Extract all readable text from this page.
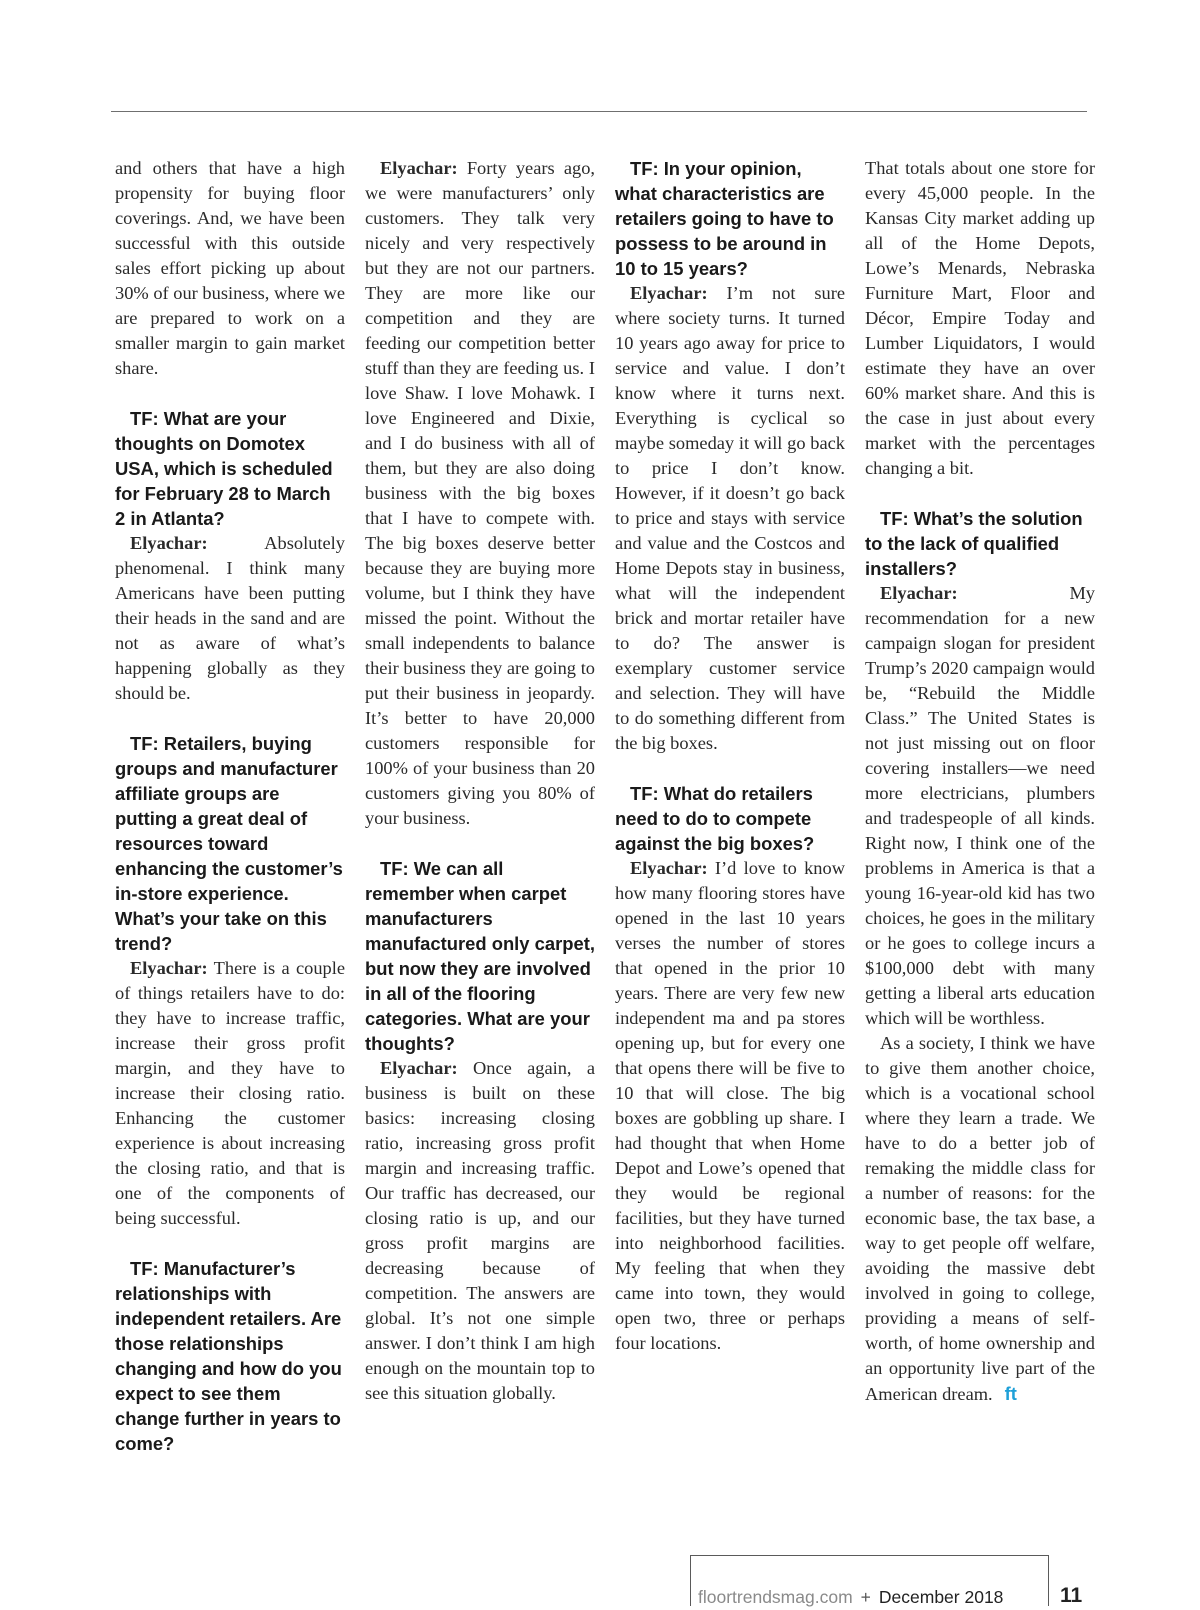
and others that have a high propensity for buying floor coverings. And, we have been successful with this outside sales effort picking up about 30% of our business, where we are prepared to work on a smaller margin to gain market share.

TF: What are your thoughts on Domotex USA, which is scheduled for February 28 to March 2 in Atlanta?

Elyachar:	Absolutely phenomenal. I think many Americans have been putting their heads in the sand and are not as aware of what’s happening globally as they should be.

TF: Retailers, buying groups and manufacturer affiliate groups are putting a great deal of resources toward enhancing the customer’s in-store experience. What’s your take on this trend?

Elyachar: There is a couple of things retailers have to do: they have to increase traffic, increase their gross profit margin, and they have to increase their closing ratio. Enhancing the customer experience is about increasing the closing ratio, and that is one of the components of being successful.

TF: Manufacturer’s relationships with independent retailers. Are those relationships changing and how do you expect to see them change further in years to come?

Elyachar: Forty years ago, we were manufacturers’ only customers. They talk very nicely and very respectively but they are not our partners. They are more like our competition and they are feeding our competition better stuff than they are feeding us. I love Shaw. I love Mohawk. I love Engineered and Dixie, and I do business with all of them, but they are also doing business with the big boxes that I have to compete with. The big boxes deserve better because they are buying more volume, but I think they have missed the point. Without the small independents to balance their business they are going to put their business in jeopardy. It’s better to have 20,000 customers responsible for 100% of your business than 20 customers giving you 80% of your business.

TF: We can all remember when carpet manufacturers manufactured only carpet, but now they are involved in all of the flooring categories. What are your thoughts?

Elyachar: Once again, a business is built on these basics: increasing closing ratio, increasing gross profit margin and increasing traffic. Our traffic has decreased, our closing ratio is up, and our gross profit margins are decreasing because of competition. The answers are global. It’s not one simple answer. I don’t think I am high enough on the mountain top to see this situation globally.

TF: In your opinion, what characteristics are retailers going to have to possess to be around in 10 to 15 years?

Elyachar: I’m not sure where society turns. It turned 10 years ago away for price to service and value. I don’t know where it turns next. Everything is cyclical so maybe someday it will go back to price I don’t know. However, if it doesn’t go back to price and stays with service and value and the Costcos and Home Depots stay in business, what will the independent brick and mortar retailer have to do? The answer is exemplary customer service and selection. They will have to do something different from the big boxes.

TF: What do retailers need to do to compete against the big boxes?

Elyachar: I’d love to know how many flooring stores have opened in the last 10 years verses the number of stores that opened in the prior 10 years. There are very few new independent ma and pa stores opening up, but for every one that opens there will be five to 10 that will close. The big boxes are gobbling up share. I had thought that when Home Depot and Lowe’s opened that they would be regional facilities, but they have turned into neighborhood facilities. My feeling that when they came into town, they would open two, three or perhaps four locations.

That totals about one store for every 45,000 people. In the Kansas City market adding up all of the Home Depots, Lowe’s Menards, Nebraska Furniture Mart, Floor and Décor, Empire Today and Lumber Liquidators, I would estimate they have an over 60% market share. And this is the case in just about every market with the percentages changing a bit.

TF: What’s the solution to the lack of qualified installers?

Elyachar:	My recommendation for a new campaign slogan for president Trump’s 2020 campaign would be, “Rebuild the Middle Class.” The United States is not just missing out on floor covering installers—we need more electricians, plumbers and tradespeople of all kinds. Right now, I think one of the problems in America is that a young 16-year-old kid has two choices, he goes in the military or he goes to college incurs a $100,000 debt with many getting a liberal arts education which will be worthless.

As a society, I think we have to give them another choice, which is a vocational school where they learn a trade. We have to do a better job of remaking the middle class for a number of reasons: for the economic base, the tax base, a way to get people off welfare, avoiding the massive debt involved in going to college, providing a means of self-worth, of home ownership and an opportunity live part of the American dream. ft

floortrendsmag.com + December 2018	11
